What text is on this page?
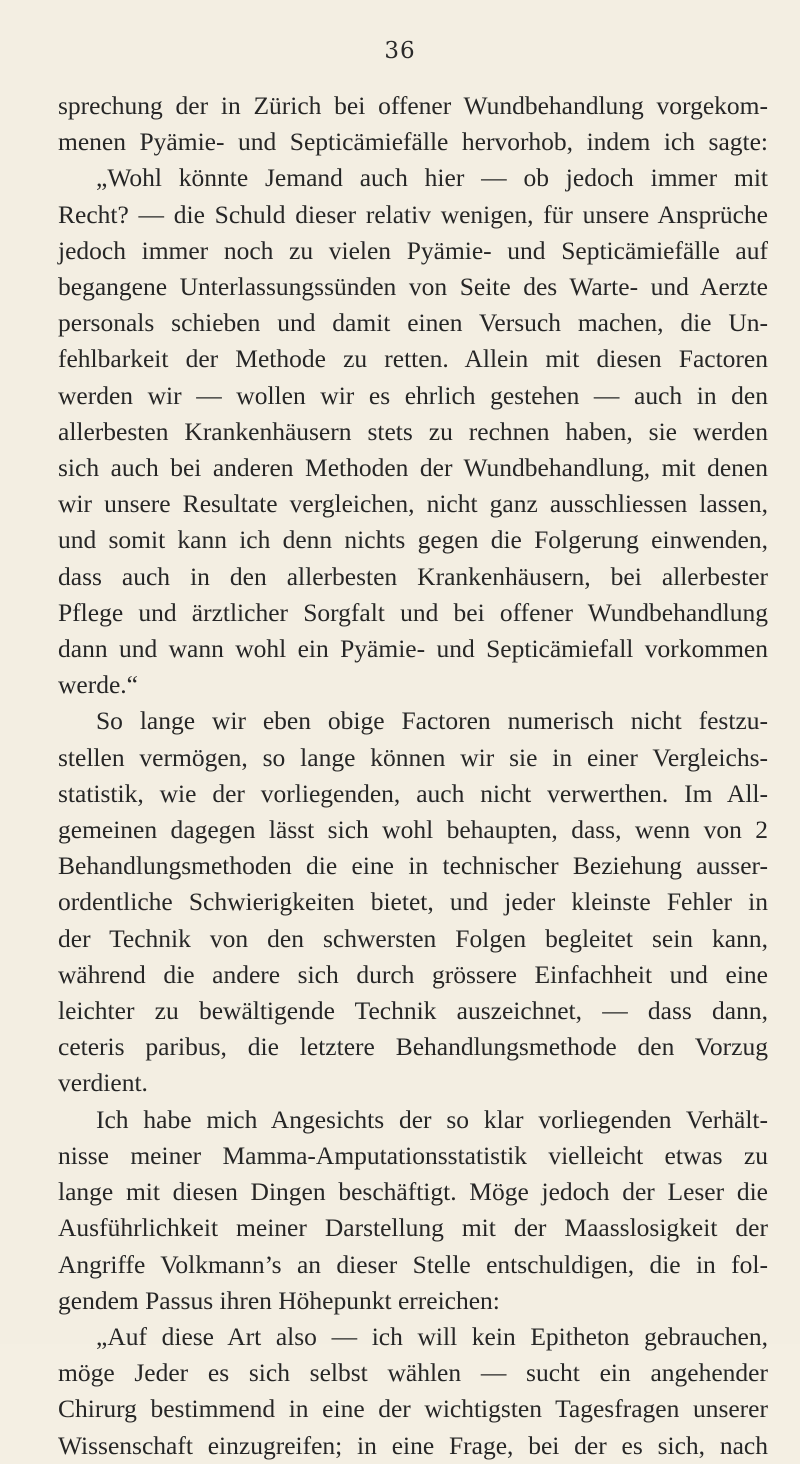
36
sprechung der in Zürich bei offener Wundbehandlung vorgekom-
menen Pyämie- und Septicämiefälle hervorhob, indem ich sagte:
„Wohl könnte Jemand auch hier — ob jedoch immer mit
Recht? — die Schuld dieser relativ wenigen, für unsere Ansprüche
jedoch immer noch zu vielen Pyämie- und Septicämiefälle auf
begangene Unterlassungssünden von Seite des Warte- und Aerzte
personals schieben und damit einen Versuch machen, die Un-
fehlbarkeit der Methode zu retten. Allein mit diesen Factoren
werden wir — wollen wir es ehrlich gestehen — auch in den
allerbesten Krankenhäusern stets zu rechnen haben, sie werden
sich auch bei anderen Methoden der Wundbehandlung, mit denen
wir unsere Resultate vergleichen, nicht ganz ausschliessen lassen,
und somit kann ich denn nichts gegen die Folgerung einwenden,
dass auch in den allerbesten Krankenhäusern, bei allerbester
Pflege und ärztlicher Sorgfalt und bei offener Wundbehandlung
dann und wann wohl ein Pyämie- und Septicämiefall vorkommen
werde.“
So lange wir eben obige Factoren numerisch nicht festzu-
stellen vermögen, so lange können wir sie in einer Vergleichs-
statistik, wie der vorliegenden, auch nicht verwerthen. Im All-
gemeinen dagegen lässt sich wohl behaupten, dass, wenn von 2
Behandlungsmethoden die eine in technischer Beziehung ausser-
ordentliche Schwierigkeiten bietet, und jeder kleinste Fehler in
der Technik von den schwersten Folgen begleitet sein kann,
während die andere sich durch grössere Einfachheit und eine
leichter zu bewältigende Technik auszeichnet, — dass dann,
ceteris paribus, die letztere Behandlungsmethode den Vorzug
verdient.
Ich habe mich Angesichts der so klar vorliegenden Verhält-
nisse meiner Mamma-Amputationsstatistik vielleicht etwas zu
lange mit diesen Dingen beschäftigt. Möge jedoch der Leser die
Ausführlichkeit meiner Darstellung mit der Maasslosigkeit der
Angriffe Volkmann’s an dieser Stelle entschuldigen, die in fol-
gendem Passus ihren Höhepunkt erreichen:
„Auf diese Art also — ich will kein Epitheton gebrauchen,
möge Jeder es sich selbst wählen — sucht ein angehender
Chirurg bestimmend in eine der wichtigsten Tagesfragen unserer
Wissenschaft einzugreifen; in eine Frage, bei der es sich, nach
